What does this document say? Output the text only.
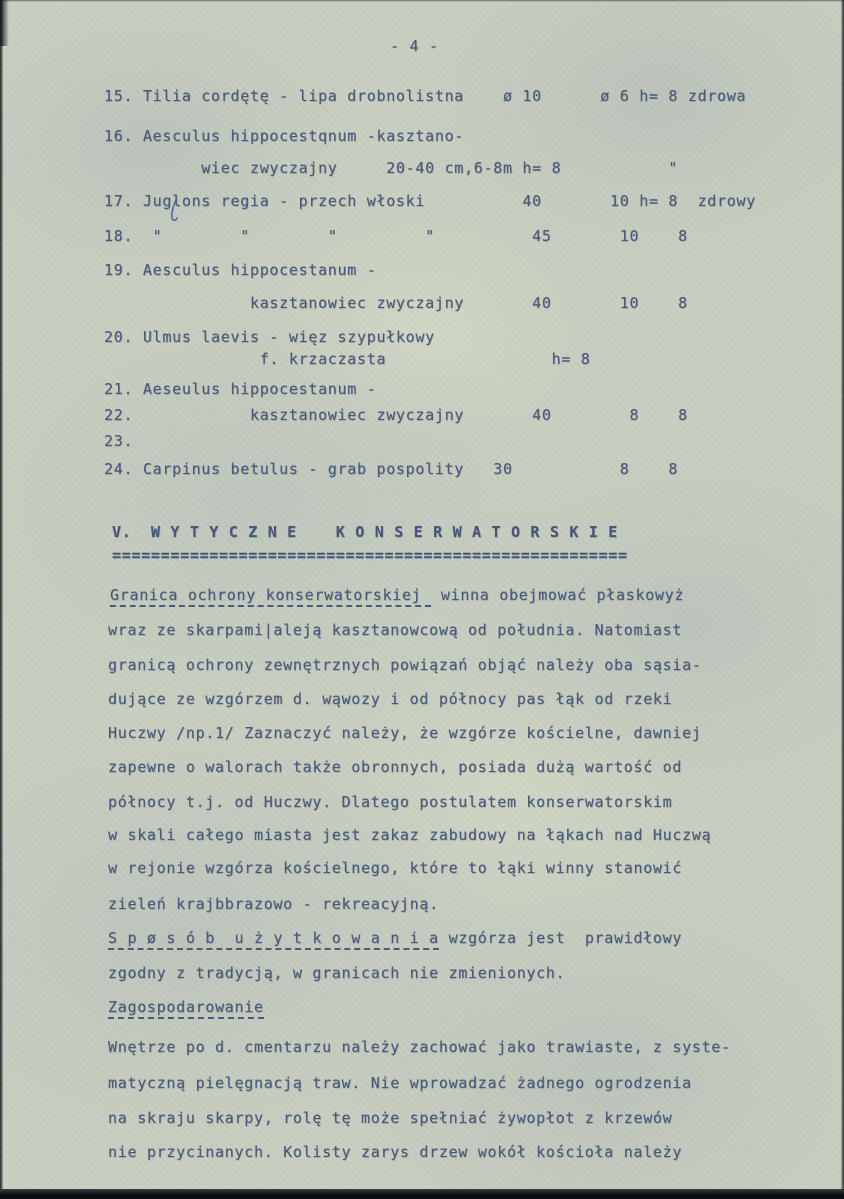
- 4 -
15. Tilia cordętę - lipa drobnolistna    ø 10      ø 6 h= 8 zdrowa
16. Aesculus hippocestqnum -kasztano-
wiec zwyczajny     20-40 cm,6-8m h= 8           "
17. Juglons regia - przech włoski          40       10 h= 8  zdrowy
18.  "        "        "         "          45       10    8
19. Aesculus hippocestanum -
kasztanowiec zwyczajny       40       10    8
20. Ulmus laevis - więz szypułkowy
f. krzaczasta                 h= 8
21. Aeseulus hippocestanum -
22.            kasztanowiec zwyczajny       40        8    8
23.
24. Carpinus betulus - grab pospolity   30           8    8
V.  W Y T Y C Z N E    K O N S E R W A T O R S K I E
=====================================================
Granica ochrony konserwatorskiej  winna obejmować płaskowyż
wraz ze skarpami|aleją kasztanowcową od południa. Natomiast
granicą ochrony zewnętrznych powiązań objąć należy oba sąsia-
dujące ze wzgórzem d. wąwozy i od północy pas łąk od rzeki
Huczwy /np.1/ Zaznaczyć należy, że wzgórze kościelne, dawniej
zapewne o walorach także obronnych, posiada dużą wartość od
północy t.j. od Huczwy. Dlatego postulatem konserwatorskim
w skali całego miasta jest zakaz zabudowy na łąkach nad Huczwą
w rejonie wzgórza kościelnego, które to łąki winny stanowić
zieleń krajbbrazowo - rekreacyjną.
S p ø s ó b  u ż y t k o w a n i a wzgórza jest  prawidłowy
zgodny z tradycją, w granicach nie zmienionych.
Zagospodarowanie
Wnętrze po d. cmentarzu należy zachować jako trawiaste, z syste-
matyczną pielęgnacją traw. Nie wprowadzać żadnego ogrodzenia
na skraju skarpy, rolę tę może spełniać żywopłot z krzewów
nie przycinanych. Kolisty zarys drzew wokół kościoła należy
